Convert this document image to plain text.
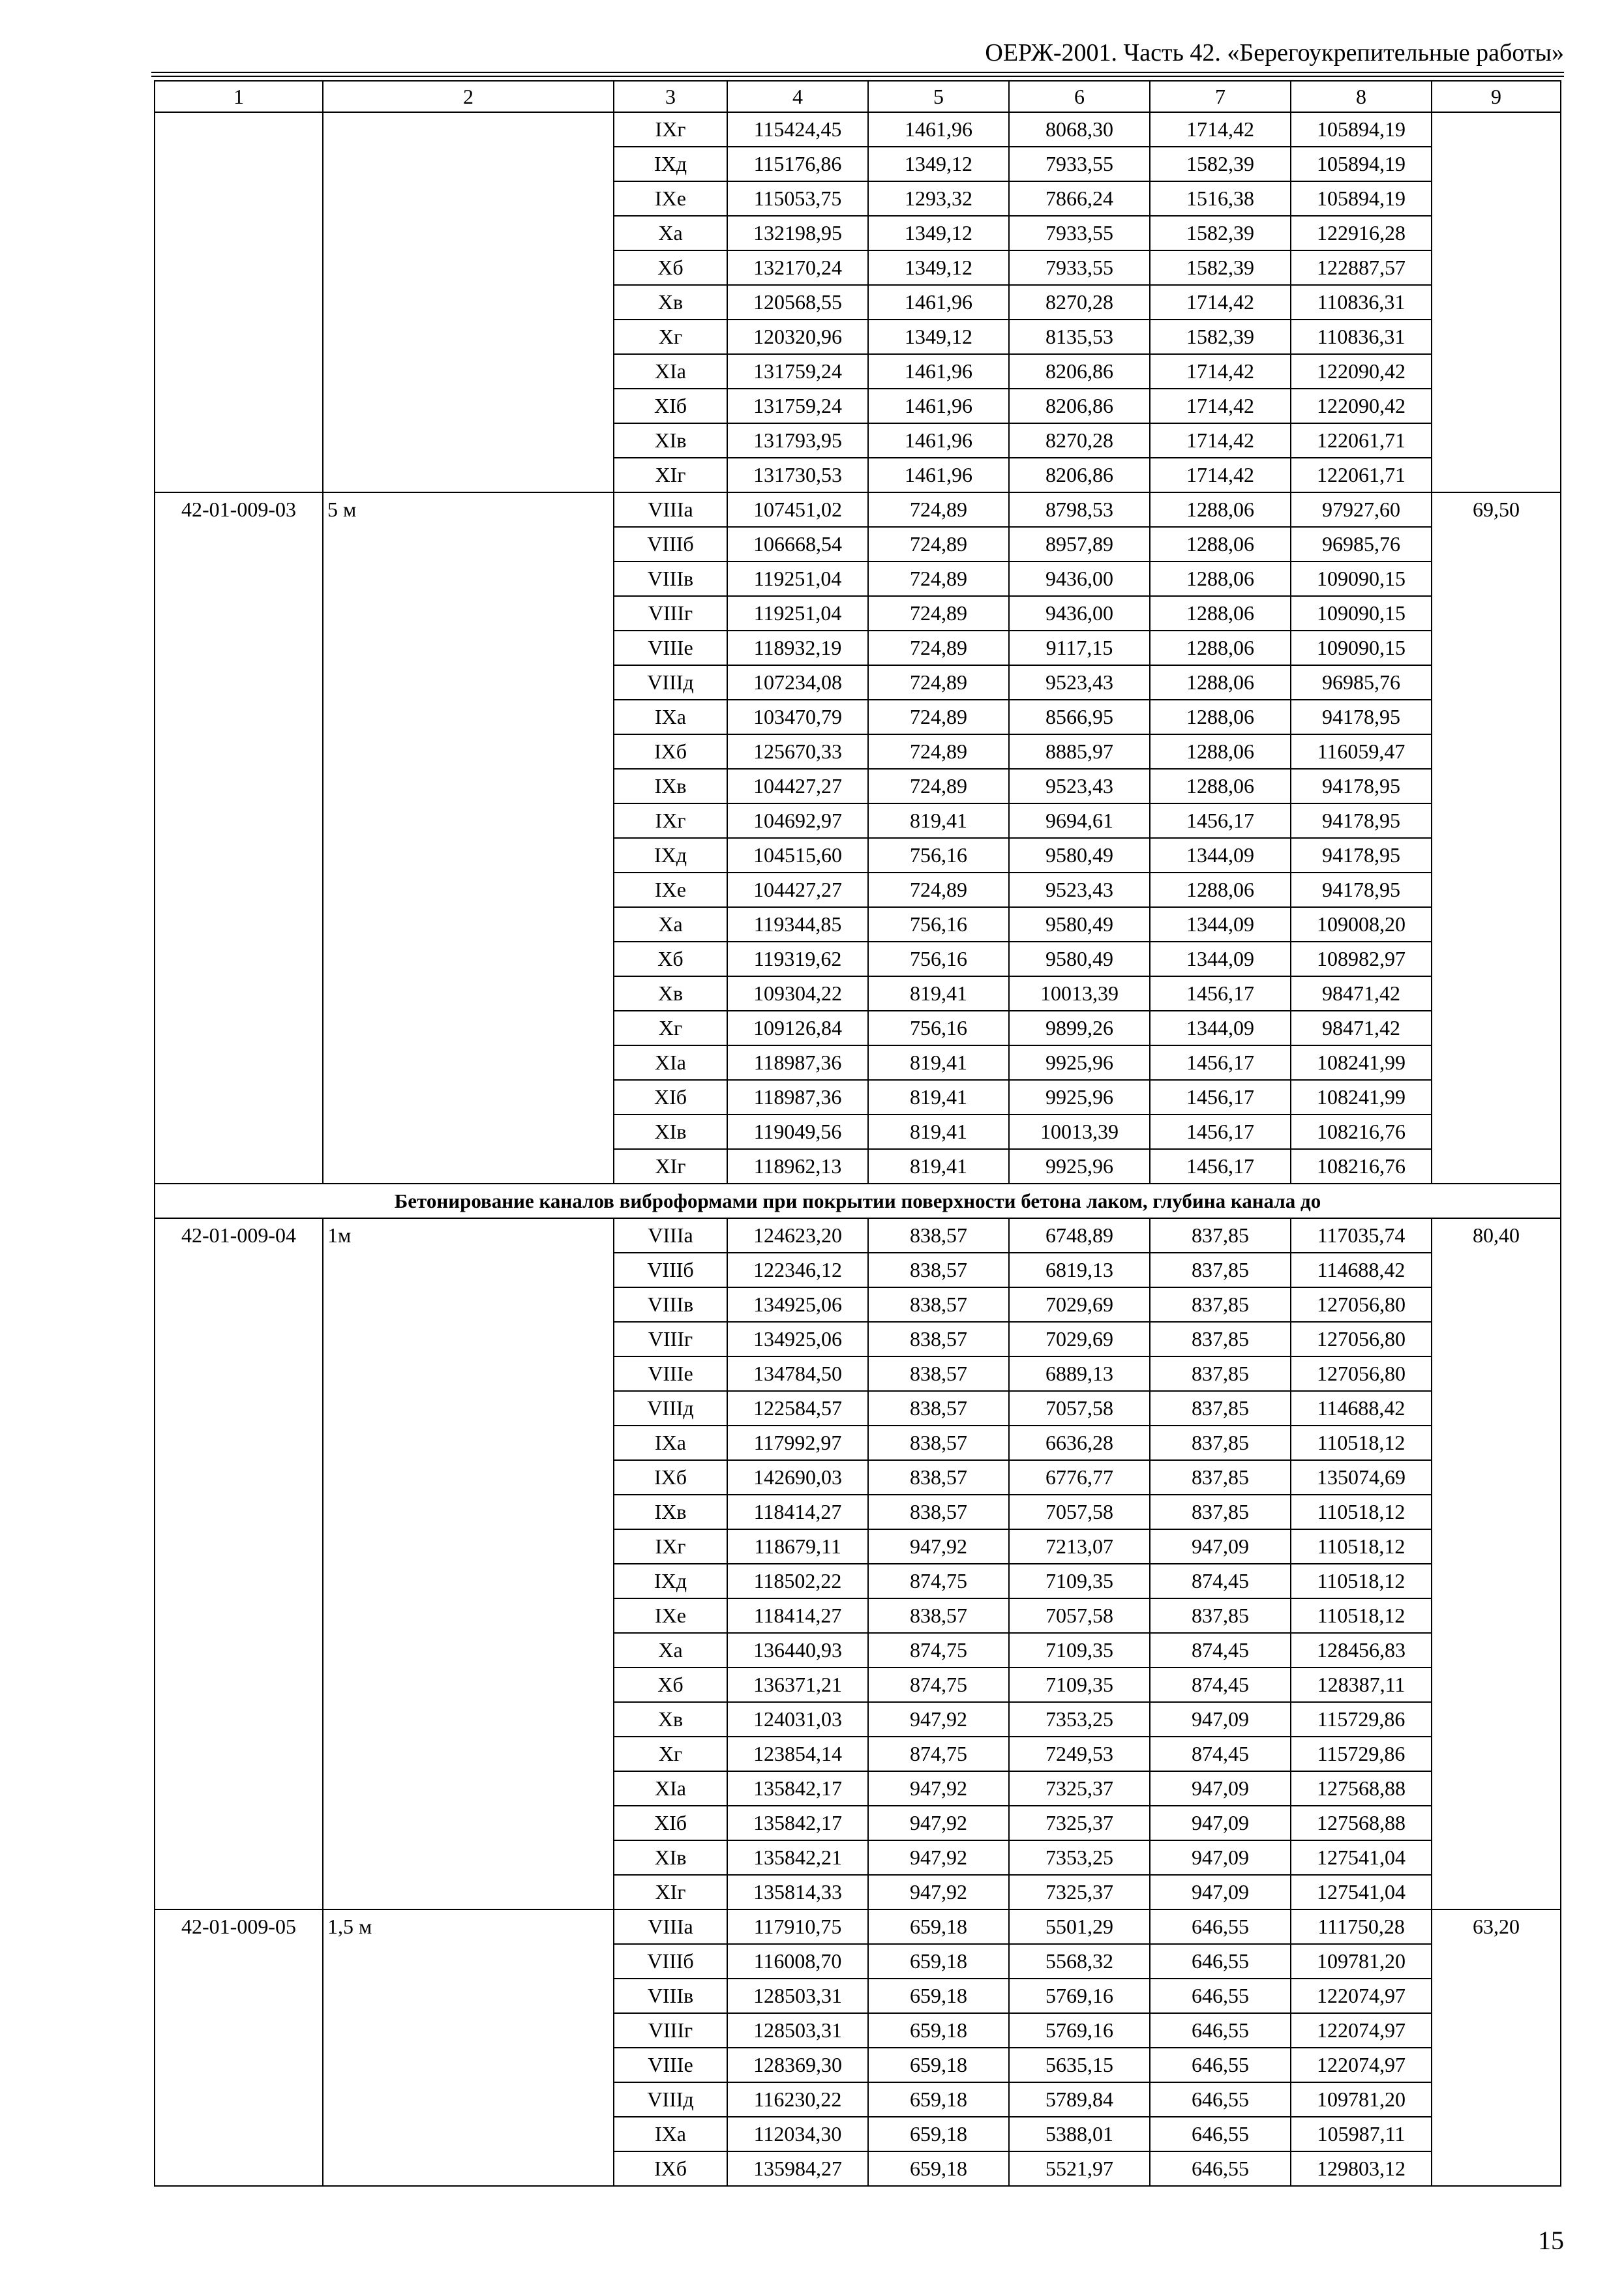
ОЕРЖ-2001. Часть 42. «Берегоукрепительные работы»
1	2	3	4	5	6	7	8	9
		IXг	115424,45	1461,96	8068,30	1714,42	105894,19	
		IXд	115176,86	1349,12	7933,55	1582,39	105894,19	
		IXе	115053,75	1293,32	7866,24	1516,38	105894,19	
		Xа	132198,95	1349,12	7933,55	1582,39	122916,28	
		Xб	132170,24	1349,12	7933,55	1582,39	122887,57	
		Xв	120568,55	1461,96	8270,28	1714,42	110836,31	
		Xг	120320,96	1349,12	8135,53	1582,39	110836,31	
		XIа	131759,24	1461,96	8206,86	1714,42	122090,42	
		XIб	131759,24	1461,96	8206,86	1714,42	122090,42	
		XIв	131793,95	1461,96	8270,28	1714,42	122061,71	
		XIг	131730,53	1461,96	8206,86	1714,42	122061,71	
42-01-009-03	5 м	VIIIа	107451,02	724,89	8798,53	1288,06	97927,60	69,50
		VIIIб	106668,54	724,89	8957,89	1288,06	96985,76	
		VIIIв	119251,04	724,89	9436,00	1288,06	109090,15	
		VIIIг	119251,04	724,89	9436,00	1288,06	109090,15	
		VIIIе	118932,19	724,89	9117,15	1288,06	109090,15	
		VIIIд	107234,08	724,89	9523,43	1288,06	96985,76	
		IXа	103470,79	724,89	8566,95	1288,06	94178,95	
		IXб	125670,33	724,89	8885,97	1288,06	116059,47	
		IXв	104427,27	724,89	9523,43	1288,06	94178,95	
		IXг	104692,97	819,41	9694,61	1456,17	94178,95	
		IXд	104515,60	756,16	9580,49	1344,09	94178,95	
		IXе	104427,27	724,89	9523,43	1288,06	94178,95	
		Xа	119344,85	756,16	9580,49	1344,09	109008,20	
		Xб	119319,62	756,16	9580,49	1344,09	108982,97	
		Xв	109304,22	819,41	10013,39	1456,17	98471,42	
		Xг	109126,84	756,16	9899,26	1344,09	98471,42	
		XIа	118987,36	819,41	9925,96	1456,17	108241,99	
		XIб	118987,36	819,41	9925,96	1456,17	108241,99	
		XIв	119049,56	819,41	10013,39	1456,17	108216,76	
		XIг	118962,13	819,41	9925,96	1456,17	108216,76	
Бетонирование каналов виброформами при покрытии поверхности бетона лаком, глубина канала до								
42-01-009-04	1м	VIIIа	124623,20	838,57	6748,89	837,85	117035,74	80,40
		VIIIб	122346,12	838,57	6819,13	837,85	114688,42	
		VIIIв	134925,06	838,57	7029,69	837,85	127056,80	
		VIIIг	134925,06	838,57	7029,69	837,85	127056,80	
		VIIIе	134784,50	838,57	6889,13	837,85	127056,80	
		VIIIд	122584,57	838,57	7057,58	837,85	114688,42	
		IXа	117992,97	838,57	6636,28	837,85	110518,12	
		IXб	142690,03	838,57	6776,77	837,85	135074,69	
		IXв	118414,27	838,57	7057,58	837,85	110518,12	
		IXг	118679,11	947,92	7213,07	947,09	110518,12	
		IXд	118502,22	874,75	7109,35	874,45	110518,12	
		IXе	118414,27	838,57	7057,58	837,85	110518,12	
		Xа	136440,93	874,75	7109,35	874,45	128456,83	
		Xб	136371,21	874,75	7109,35	874,45	128387,11	
		Xв	124031,03	947,92	7353,25	947,09	115729,86	
		Xг	123854,14	874,75	7249,53	874,45	115729,86	
		XIа	135842,17	947,92	7325,37	947,09	127568,88	
		XIб	135842,17	947,92	7325,37	947,09	127568,88	
		XIв	135842,21	947,92	7353,25	947,09	127541,04	
		XIг	135814,33	947,92	7325,37	947,09	127541,04	
42-01-009-05	1,5 м	VIIIа	117910,75	659,18	5501,29	646,55	111750,28	63,20
		VIIIб	116008,70	659,18	5568,32	646,55	109781,20	
		VIIIв	128503,31	659,18	5769,16	646,55	122074,97	
		VIIIг	128503,31	659,18	5769,16	646,55	122074,97	
		VIIIе	128369,30	659,18	5635,15	646,55	122074,97	
		VIIIд	116230,22	659,18	5789,84	646,55	109781,20	
		IXа	112034,30	659,18	5388,01	646,55	105987,11	
		IXб	135984,27	659,18	5521,97	646,55	129803,12	
15
